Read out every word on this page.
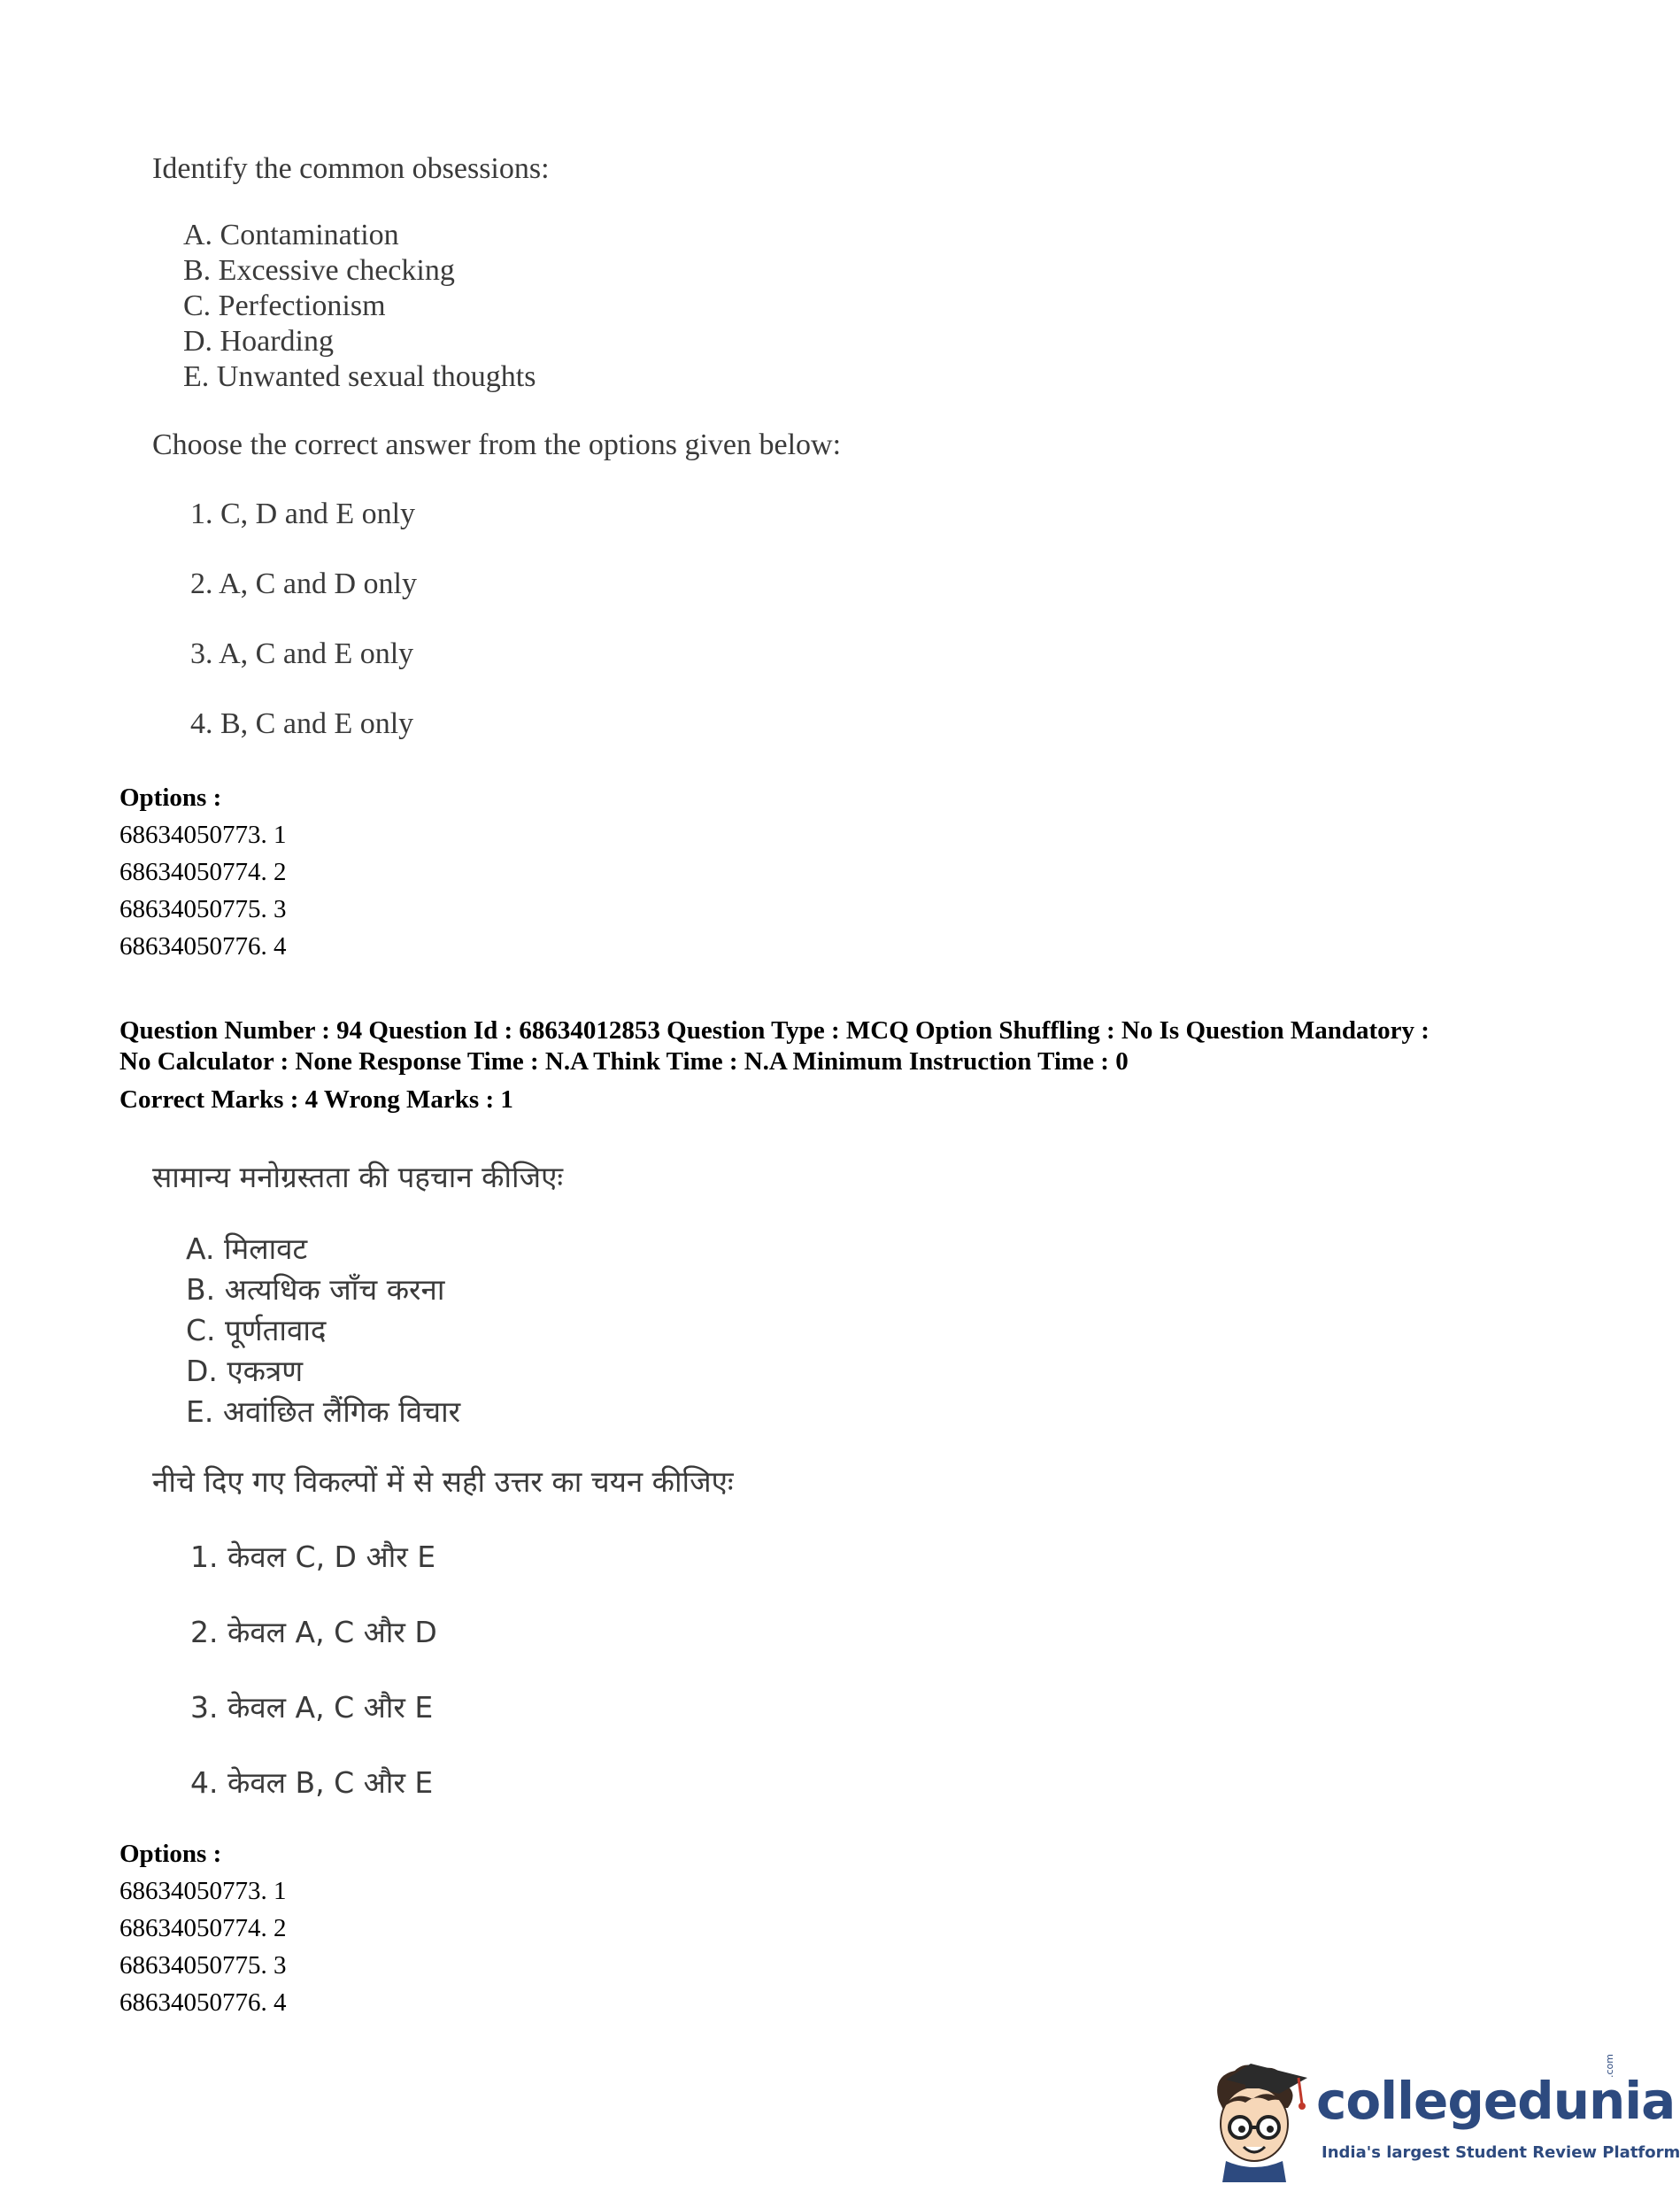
Identify the common obsessions:
A. Contamination
B. Excessive checking
C. Perfectionism
D. Hoarding
E. Unwanted sexual thoughts
Choose the correct answer from the options given below:
1. C, D and E only
2. A, C and D only
3. A, C and E only
4. B, C and E only
Options :
68634050773. 1
68634050774. 2
68634050775. 3
68634050776. 4
Question Number : 94 Question Id : 68634012853 Question Type : MCQ Option Shuffling : No Is Question Mandatory :
No Calculator : None Response Time : N.A Think Time : N.A Minimum Instruction Time : 0
Correct Marks : 4 Wrong Marks : 1
सामान्य मनोग्रस्तता की पहचान कीजिएः
A. मिलावट
B. अत्यधिक जाँच करना
C. पूर्णतावाद
D. एकत्रण
E. अवांछित लैंगिक विचार
नीचे दिए गए विकल्पों में से सही उत्तर का चयन कीजिएः
1. केवल C, D और E
2. केवल A, C और D
3. केवल A, C और E
4. केवल B, C और E
Options :
68634050773. 1
68634050774. 2
68634050775. 3
68634050776. 4
collegedunia
.com
India's largest Student Review Platform
